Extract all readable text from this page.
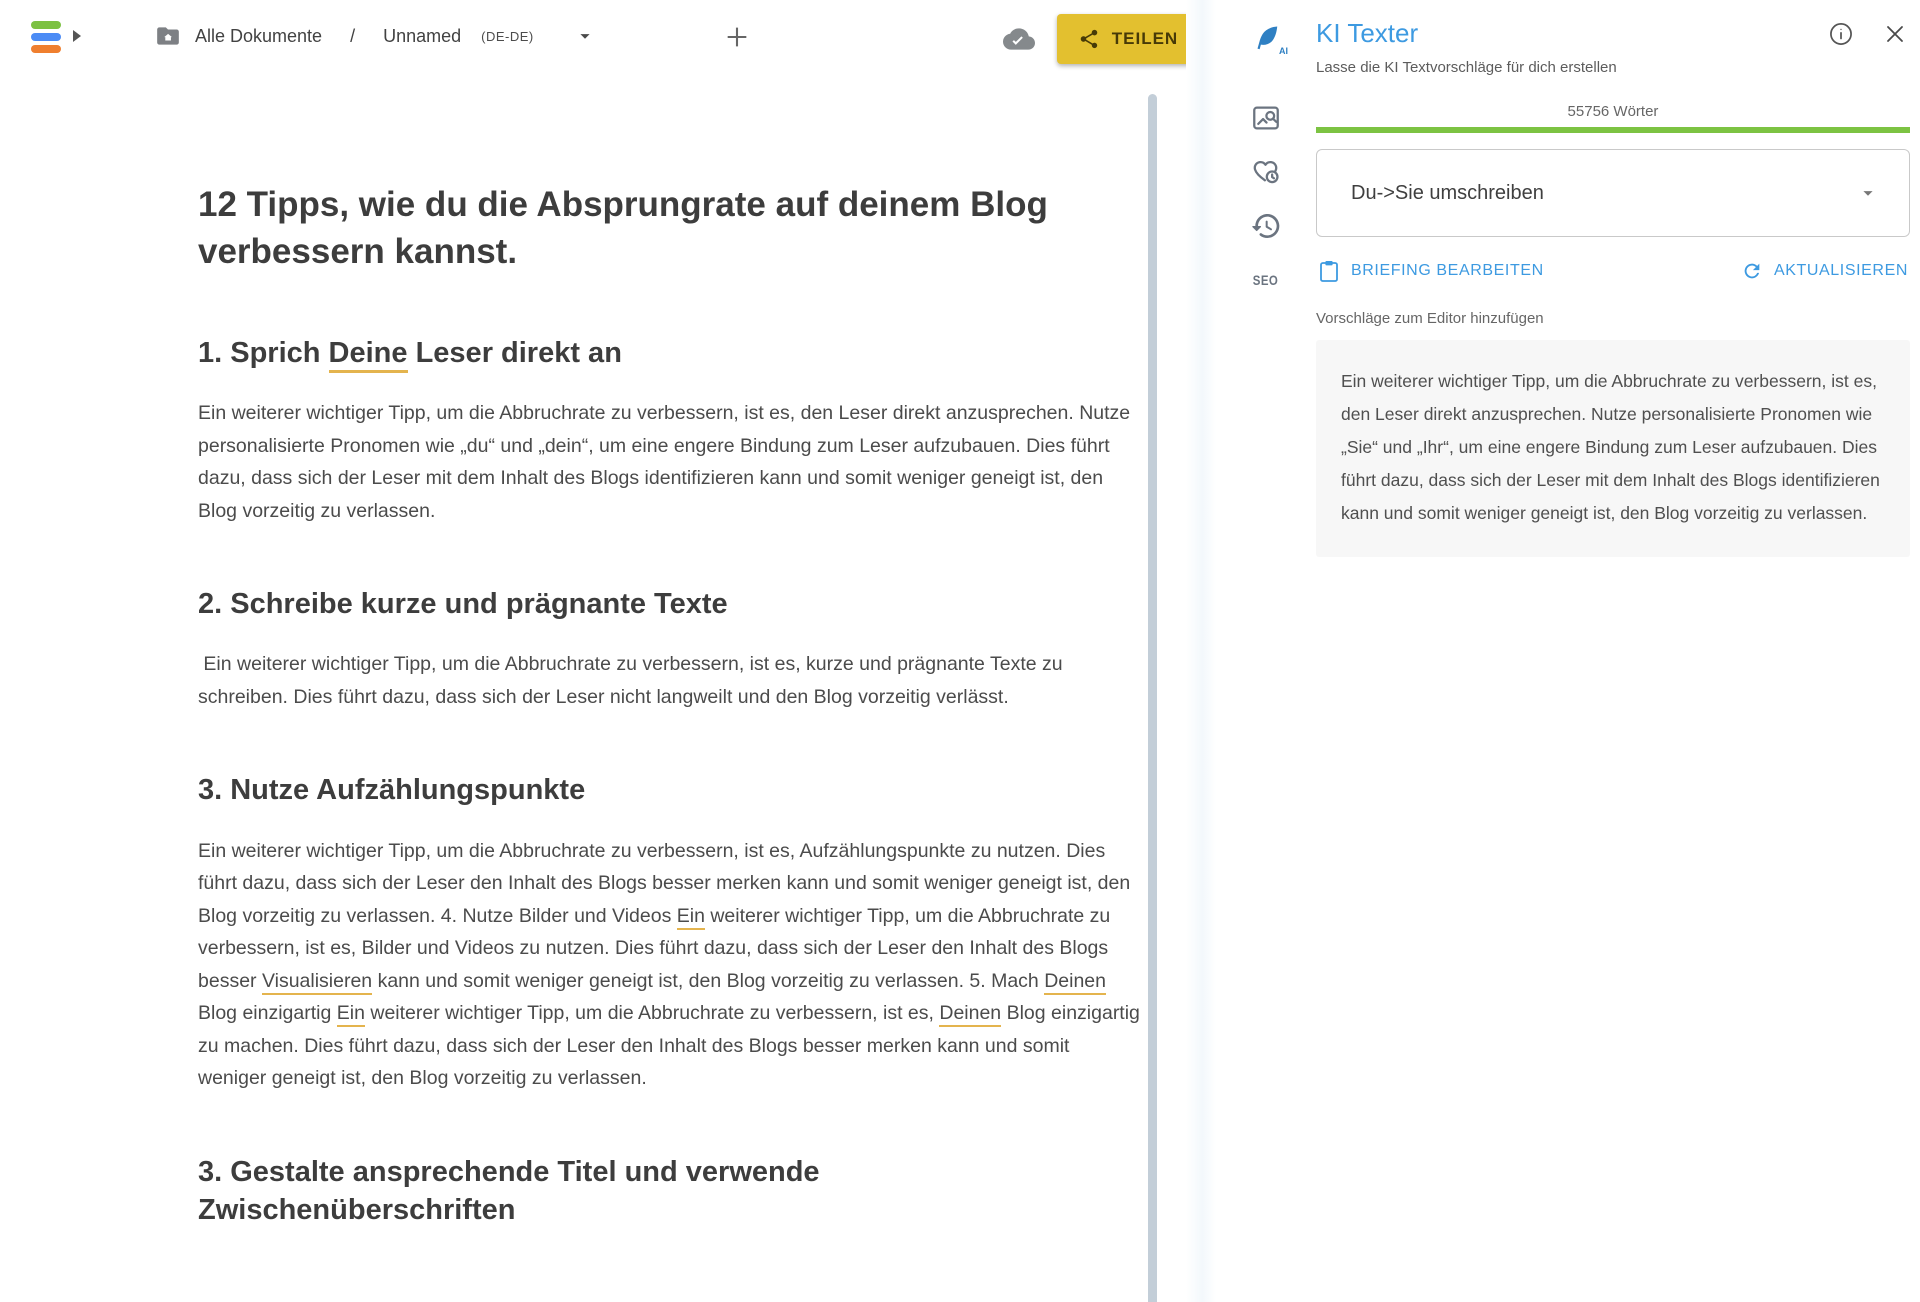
Alle Dokumente / Unnamed (DE-DE)	TEILEN
12 Tipps, wie du die Absprungrate auf deinem Blog verbessern kannst.
1. Sprich Deine Leser direkt an

Ein weiterer wichtiger Tipp, um die Abbruchrate zu verbessern, ist es, den Leser direkt anzusprechen. Nutze personalisierte Pronomen wie „du“ und „dein“, um eine engere Bindung zum Leser aufzubauen. Dies führt dazu, dass sich der Leser mit dem Inhalt des Blogs identifizieren kann und somit weniger geneigt ist, den Blog vorzeitig zu verlassen.

2. Schreibe kurze und prägnante Texte

Ein weiterer wichtiger Tipp, um die Abbruchrate zu verbessern, ist es, kurze und prägnante Texte zu schreiben. Dies führt dazu, dass sich der Leser nicht langweilt und den Blog vorzeitig verlässt.

3. Nutze Aufzählungspunkte

Ein weiterer wichtiger Tipp, um die Abbruchrate zu verbessern, ist es, Aufzählungspunkte zu nutzen. Dies führt dazu, dass sich der Leser den Inhalt des Blogs besser merken kann und somit weniger geneigt ist, den Blog vorzeitig zu verlassen. 4. Nutze Bilder und Videos Ein weiterer wichtiger Tipp, um die Abbruchrate zu verbessern, ist es, Bilder und Videos zu nutzen. Dies führt dazu, dass sich der Leser den Inhalt des Blogs besser Visualisieren kann und somit weniger geneigt ist, den Blog vorzeitig zu verlassen. 5. Mach Deinen Blog einzigartig Ein weiterer wichtiger Tipp, um die Abbruchrate zu verbessern, ist es, Deinen Blog einzigartig zu machen. Dies führt dazu, dass sich der Leser den Inhalt des Blogs besser merken kann und somit weniger geneigt ist, den Blog vorzeitig zu verlassen.

3. Gestalte ansprechende Titel und verwende Zwischenüberschriften
AI
SEO
KI Texter

Lasse die KI Textvorschläge für dich erstellen

55756 Wörter
Du->Sie umschreiben
BRIEFING BEARBEITEN	AKTUALISIEREN

Vorschläge zum Editor hinzufügen

Ein weiterer wichtiger Tipp, um die Abbruchrate zu verbessern, ist es, den Leser direkt anzusprechen. Nutze personalisierte Pronomen wie „Sie“ und „Ihr“, um eine engere Bindung zum Leser aufzubauen. Dies führt dazu, dass sich der Leser mit dem Inhalt des Blogs identifizieren kann und somit weniger geneigt ist, den Blog vorzeitig zu verlassen.
